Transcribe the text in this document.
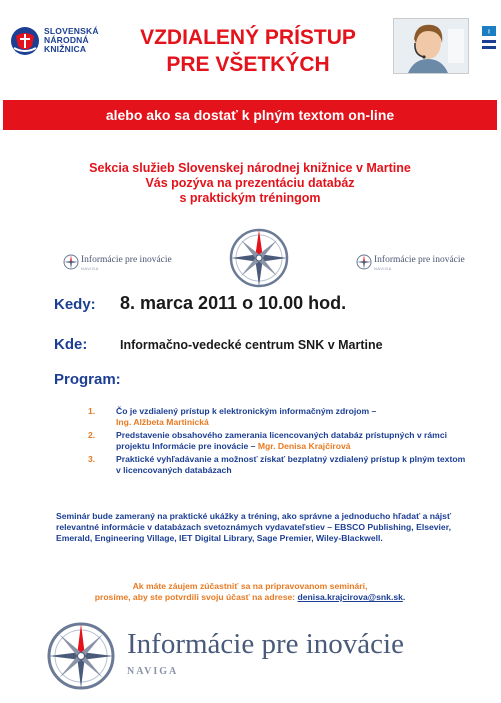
SLOVENSKÁ
NÁRODNÁ
KNIŽNICA	VZDIALENÝ PRÍSTUP
PRE VŠETKÝCH
i
alebo ako sa dostať k plným textom on-line
Sekcia služieb Slovenskej národnej knižnice v Martine
Vás pozýva na prezentáciu databáz
s praktickým tréningom
Informácie pre inovácie
NAVIGA
Informácie pre inovácie
NAVIGA
Kedy: 8. marca 2011 o 10.00 hod.
Kde:	Informačno-vedecké centrum SNK v Martine
Program:
1. Čo je vzdialený prístup k elektronickým informačným zdrojom –
Ing. Alžbeta Martinická
2. Predstavenie obsahového zamerania licencovaných databáz prístupných v rámci projektu Informácie pre inovácie – Mgr. Denisa Krajčírová
3. Praktické vyhľadávanie a možnosť získať bezplatný vzdialený prístup k plným textom v licencovaných databázach
Seminár bude zameraný na praktické ukážky a tréning, ako správne a jednoducho hľadať a nájsť relevantné informácie v databázach svetoznámych vydavateľstiev – EBSCO Publishing, Elsevier, Emerald, Engineering Village, IET Digital Library, Sage Premier, Wiley-Blackwell.
Ak máte záujem zúčastniť sa na pripravovanom seminári,
prosíme, aby ste potvrdili svoju účasť na adrese: denisa.krajcirova@snk.sk.
Informácie pre inovácie
NAVIGA
